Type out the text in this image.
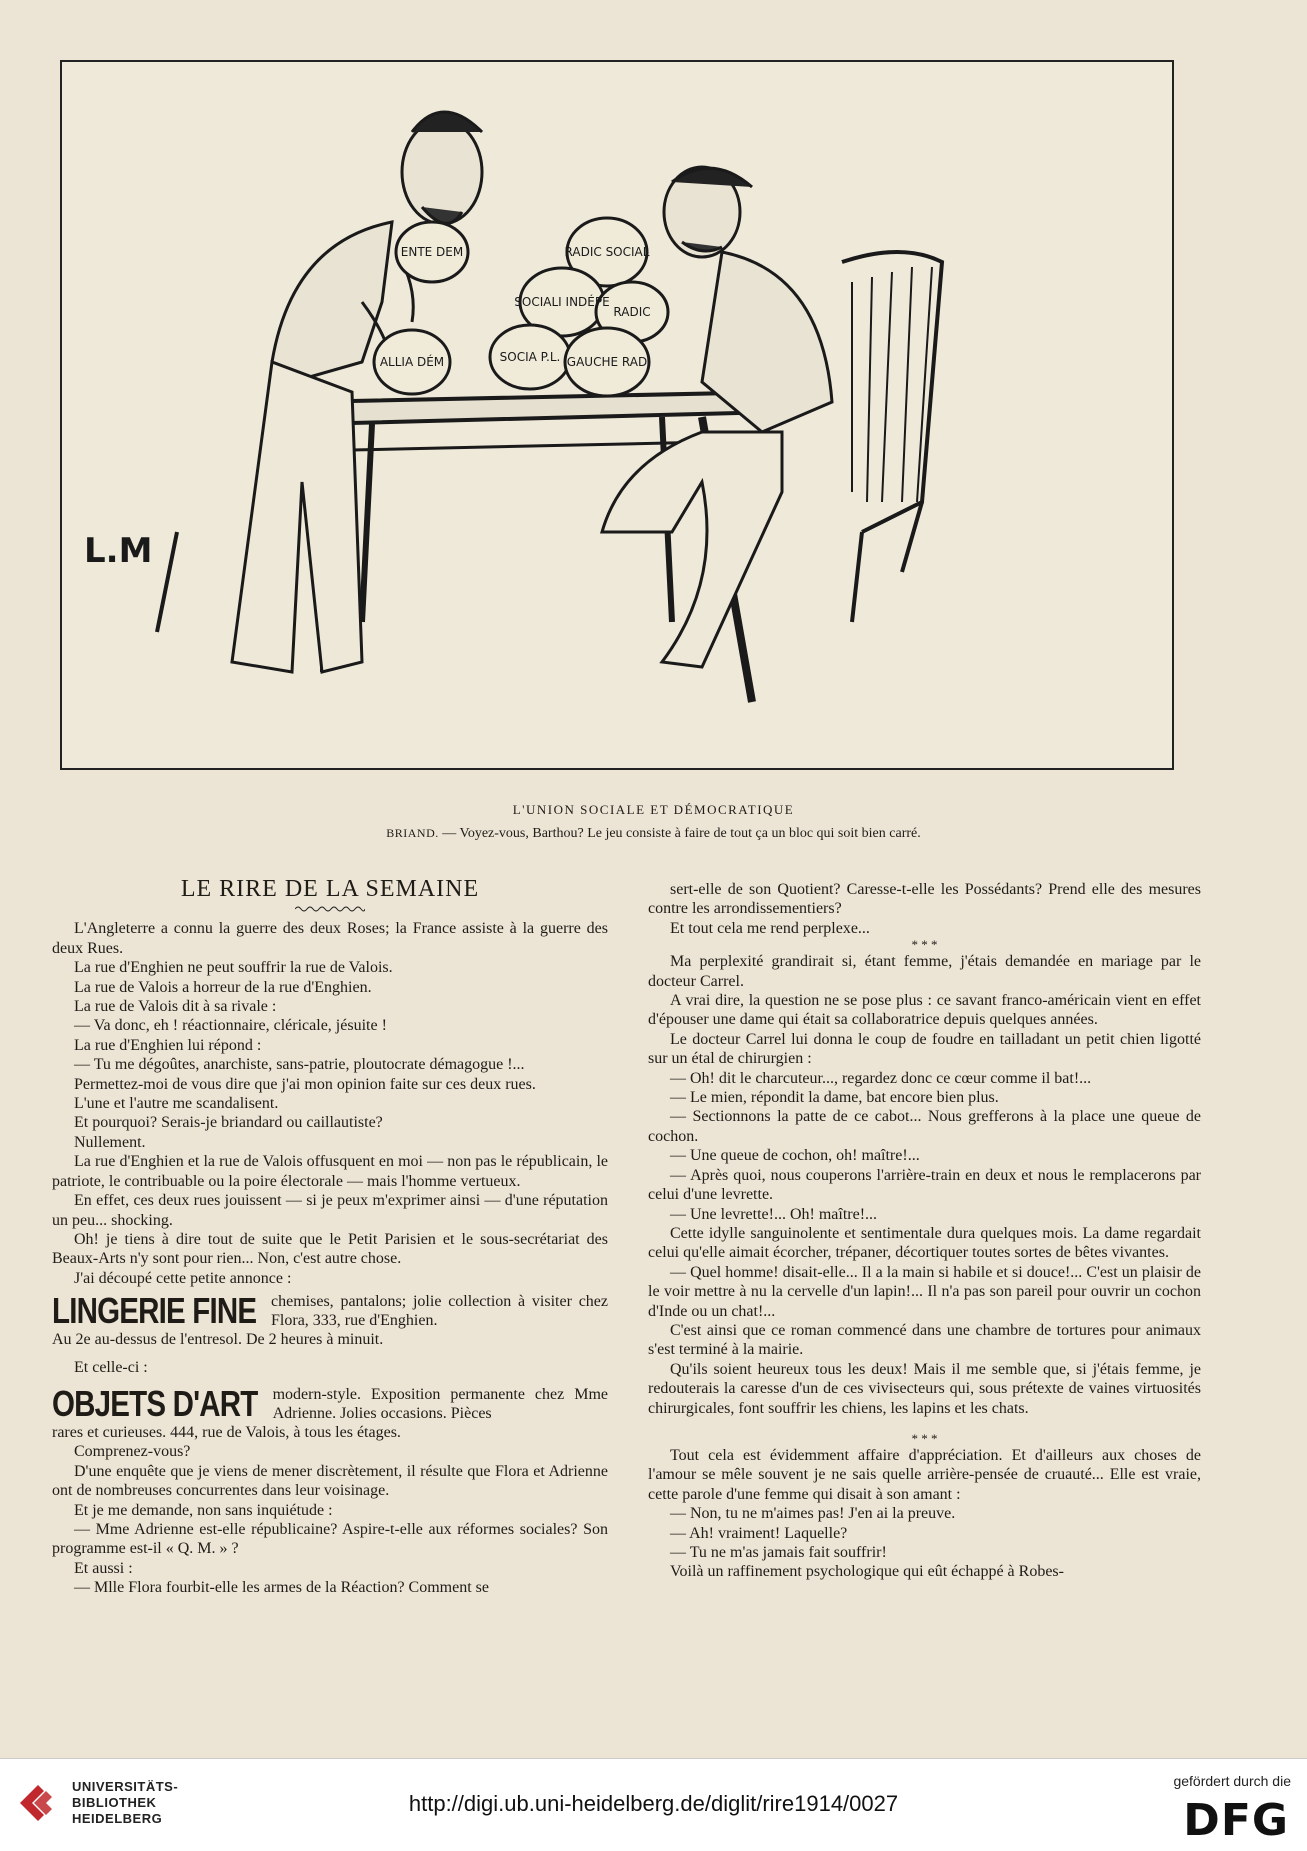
ENTE DEM
ALLIA DÉM
RADIC SOCIAL
SOCIALI INDÉPE
RADIC
SOCIA P.L. GAUCHE RAD
L.M
L'UNION SOCIALE ET DÉMOCRATIQUE
BRIAND. — Voyez-vous, Barthou? Le jeu consiste à faire de tout ça un bloc qui soit bien carré.

LE RIRE DE LA SEMAINE

L'Angleterre a connu la guerre des deux Roses; la France assiste à la guerre des deux Rues.

La rue d'Enghien ne peut souffrir la rue de Valois.

La rue de Valois a horreur de la rue d'Enghien.

La rue de Valois dit à sa rivale :

— Va donc, eh ! réactionnaire, cléricale, jésuite !

La rue d'Enghien lui répond :

— Tu me dégoûtes, anarchiste, sans-patrie, ploutocrate démagogue !...

Permettez-moi de vous dire que j'ai mon opinion faite sur ces deux rues.

L'une et l'autre me scandalisent.

Et pourquoi? Serais-je briandard ou caillautiste?

Nullement.

La rue d'Enghien et la rue de Valois offusquent en moi — non pas le républicain, le patriote, le contribuable ou la poire électorale — mais l'homme vertueux.

En effet, ces deux rues jouissent — si je peux m'exprimer ainsi — d'une réputation un peu... shocking.

Oh! je tiens à dire tout de suite que le Petit Parisien et le sous-secrétariat des Beaux-Arts n'y sont pour rien... Non, c'est autre chose.

J'ai découpé cette petite annonce :

LINGERIE FINE chemises, pantalons; jolie collection à visiter chez Flora, 333, rue d'Enghien.

Au 2e au-dessus de l'entresol. De 2 heures à minuit.

Et celle-ci :

OBJETS D'ART modern-style. Exposition permanente chez Mme Adrienne. Jolies occasions. Pièces

rares et curieuses. 444, rue de Valois, à tous les étages.

Comprenez-vous?

D'une enquête que je viens de mener discrètement, il résulte que Flora et Adrienne ont de nombreuses concurrentes dans leur voisinage.

Et je me demande, non sans inquiétude :

— Mme Adrienne est-elle républicaine? Aspire-t-elle aux réformes sociales? Son programme est-il « Q. M. » ?

Et aussi :

— Mlle Flora fourbit-elle les armes de la Réaction? Comment se

sert-elle de son Quotient? Caresse-t-elle les Possédants? Prend elle des mesures contre les arrondissementiers?

Et tout cela me rend perplexe...

* * *

Ma perplexité grandirait si, étant femme, j'étais demandée en mariage par le docteur Carrel.

A vrai dire, la question ne se pose plus : ce savant franco-américain vient en effet d'épouser une dame qui était sa collaboratrice depuis quelques années.

Le docteur Carrel lui donna le coup de foudre en tailladant un petit chien ligotté sur un étal de chirurgien :

— Oh! dit le charcuteur..., regardez donc ce cœur comme il bat!...

— Le mien, répondit la dame, bat encore bien plus.

— Sectionnons la patte de ce cabot... Nous grefferons à la place une queue de cochon.

— Une queue de cochon, oh! maître!...

— Après quoi, nous couperons l'arrière-train en deux et nous le remplacerons par celui d'une levrette.

— Une levrette!... Oh! maître!...

Cette idylle sanguinolente et sentimentale dura quelques mois. La dame regardait celui qu'elle aimait écorcher, trépaner, décortiquer toutes sortes de bêtes vivantes.

— Quel homme! disait-elle... Il a la main si habile et si douce!... C'est un plaisir de le voir mettre à nu la cervelle d'un lapin!... Il n'a pas son pareil pour ouvrir un cochon d'Inde ou un chat!...

C'est ainsi que ce roman commencé dans une chambre de tortures pour animaux s'est terminé à la mairie.

Qu'ils soient heureux tous les deux! Mais il me semble que, si j'étais femme, je redouterais la caresse d'un de ces vivisecteurs qui, sous prétexte de vaines virtuosités chirurgicales, font souffrir les chiens, les lapins et les chats.

* * *

Tout cela est évidemment affaire d'appréciation. Et d'ailleurs aux choses de l'amour se mêle souvent je ne sais quelle arrière-pensée de cruauté... Elle est vraie, cette parole d'une femme qui disait à son amant :

— Non, tu ne m'aimes pas! J'en ai la preuve.

— Ah! vraiment! Laquelle?

— Tu ne m'as jamais fait souffrir!

Voilà un raffinement psychologique qui eût échappé à Robes-

UNIVERSITÄTS-
BIBLIOTHEK
HEIDELBERG
http://digi.ub.uni-heidelberg.de/diglit/rire1914/0027
gefördert durch die
DFG
